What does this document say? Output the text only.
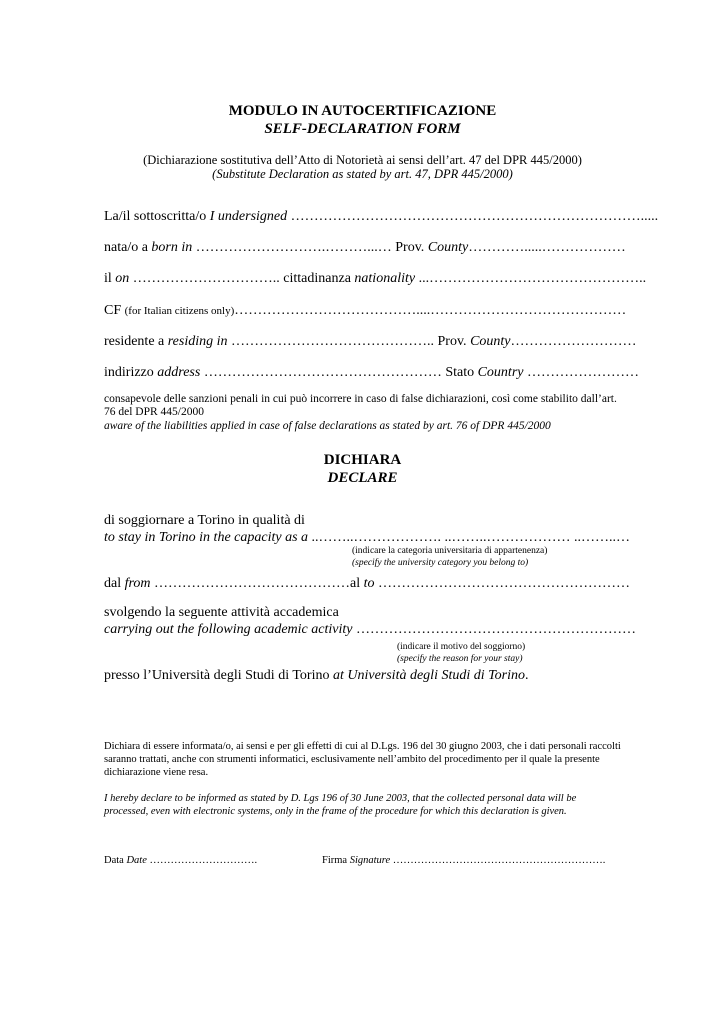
MODULO IN AUTOCERTIFICAZIONE
SELF-DECLARATION FORM
(Dichiarazione sostitutiva dell’Atto di Notorietà ai sensi dell’art. 47 del DPR 445/2000)
(Substitute Declaration as stated by art. 47, DPR 445/2000)
La/il sottoscritta/o I undersigned ………………………………………………………………….....
nata/o a born in ……………………….………...… Prov. County………….....………………
il on ………………………….. cittadinanza nationality ...………………………………………..
CF (for Italian citizens only)…………………………………....……………………………………
residente a residing in …………………………………….. Prov. County………………………
indirizzo address …………………………………………… Stato Country ……………………
consapevole delle sanzioni penali in cui può incorrere in caso di false dichiarazioni, così come stabilito dall’art. 76 del DPR 445/2000
aware of the liabilities applied in case of false declarations as stated by art. 76 of DPR 445/2000
DICHIARA
DECLARE
di soggiornare a Torino in qualità di
to stay in Torino in the capacity as a ..……..………………. ..……..……………… ..……..…
(indicare la categoria universitaria di appartenenza)
(specify the university category you belong to)
dal from ……………………………………al to ………………………………………………
svolgendo la seguente attività accademica
carrying out the following academic activity ……………………………………………………
(indicare il motivo del soggiorno)
(specify the reason for your stay)
presso l’Università degli Studi di Torino at Università degli Studi di Torino.
Dichiara di essere informata/o, ai sensi e per gli effetti di cui al D.Lgs. 196 del 30 giugno 2003, che i dati personali raccolti saranno trattati, anche con strumenti informatici, esclusivamente nell’ambito del procedimento per il quale la presente dichiarazione viene resa.
I hereby declare to be informed as stated by D. Lgs 196 of 30 June 2003, that the collected personal data will be processed, even with electronic systems, only in the frame of the procedure for which this declaration is given.
Data Date ………………………….	Firma Signature …………………………………………………….
